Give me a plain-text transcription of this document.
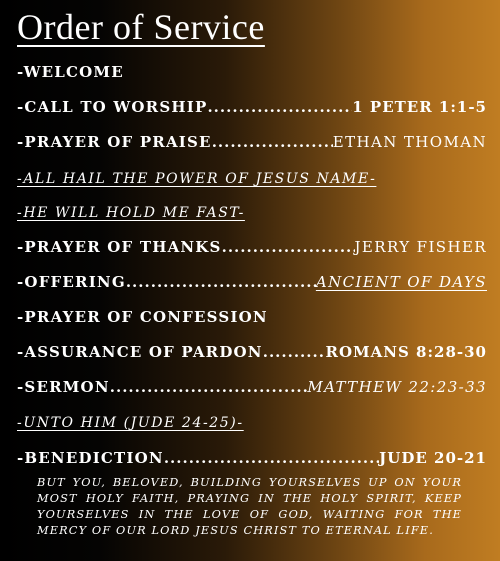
Order of Service
-WELCOME
-CALL TO WORSHIP .....	1 PETER 1:1-5
-PRAYER OF PRAISE .....	ETHAN THOMAN
-ALL HAIL THE POWER OF JESUS NAME-
-HE WILL HOLD ME FAST-
-PRAYER OF THANKS .....	JERRY FISHER
-OFFERING .....	ANCIENT OF DAYS
-PRAYER OF CONFESSION
-ASSURANCE OF PARDON .....	ROMANS 8:28-30
-SERMON .....	MATTHEW 22:23-33
-UNTO HIM (JUDE 24-25)-
-BENEDICTION .....	JUDE 20-21

BUT YOU, BELOVED, BUILDING YOURSELVES UP ON YOUR MOST HOLY FAITH, PRAYING IN THE HOLY SPIRIT, KEEP YOURSELVES IN THE LOVE OF GOD, WAITING FOR THE MERCY OF OUR LORD JESUS CHRIST TO ETERNAL LIFE.
